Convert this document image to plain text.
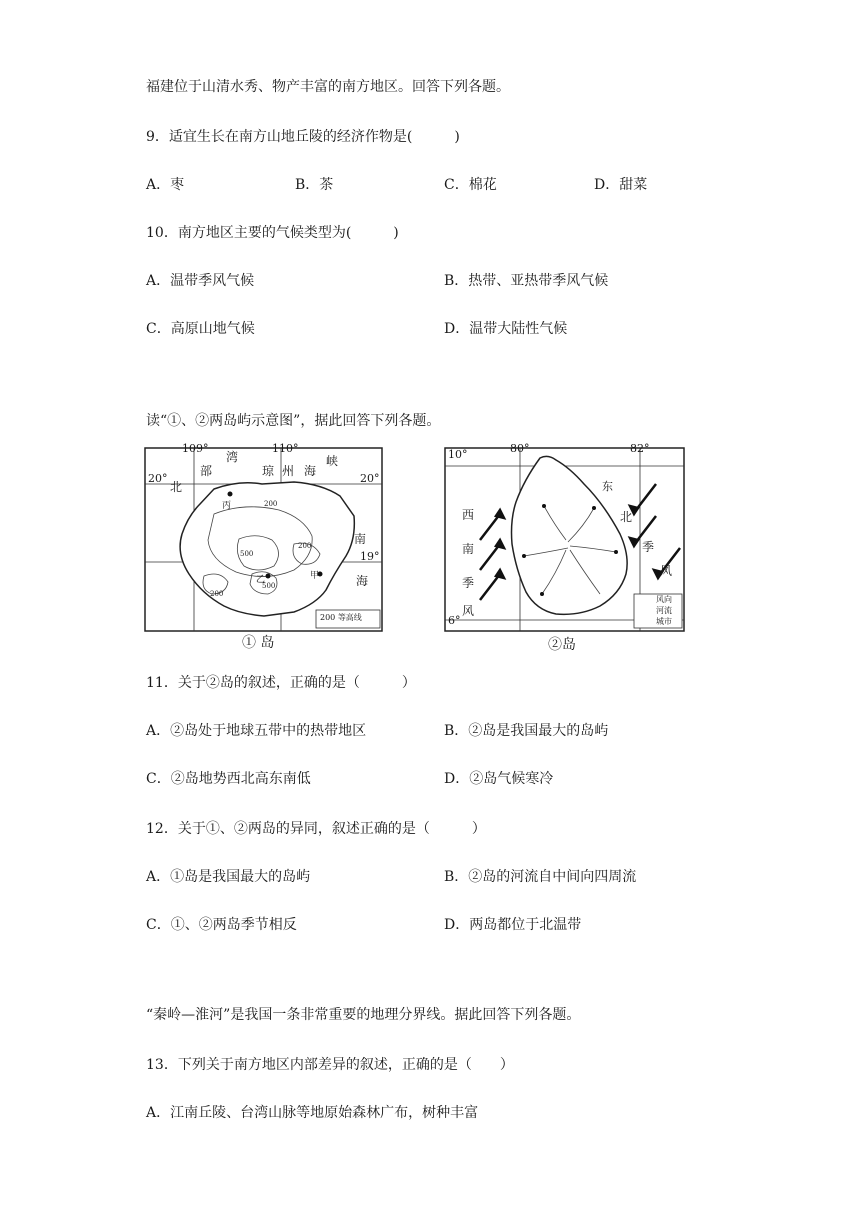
福建位于山清水秀、物产丰富的南方地区。回答下列各题。
9．适宜生长在南方山地丘陵的经济作物是(　　　)
A．枣	B．茶	C．棉花	D．甜菜
10．南方地区主要的气候类型为(　　　)
A．温带季风气候	B．热带、亚热带季风气候
C．高原山地气候	D．温带大陆性气候
读“①、②两岛屿示意图”，据此回答下列各题。
109°	110°
20°	20°
19°
北
部
湾
琼 州 海
峡
南
海
丙
乙	甲
200
500
200
500
200
200 等高线
① 岛
10°
6°
80°	82°
西
南
季
风
东
北
季
风
风向
河流
城市
②岛
11．关于②岛的叙述，正确的是（　　　）
A．②岛处于地球五带中的热带地区	B．②岛是我国最大的岛屿
C．②岛地势西北高东南低	D．②岛气候寒冷
12．关于①、②两岛的异同，叙述正确的是（　　　）
A．①岛是我国最大的岛屿	B．②岛的河流自中间向四周流
C．①、②两岛季节相反	D．两岛都位于北温带
“秦岭—淮河”是我国一条非常重要的地理分界线。据此回答下列各题。
13．下列关于南方地区内部差异的叙述，正确的是（　　）
A．江南丘陵、台湾山脉等地原始森林广布，树种丰富
